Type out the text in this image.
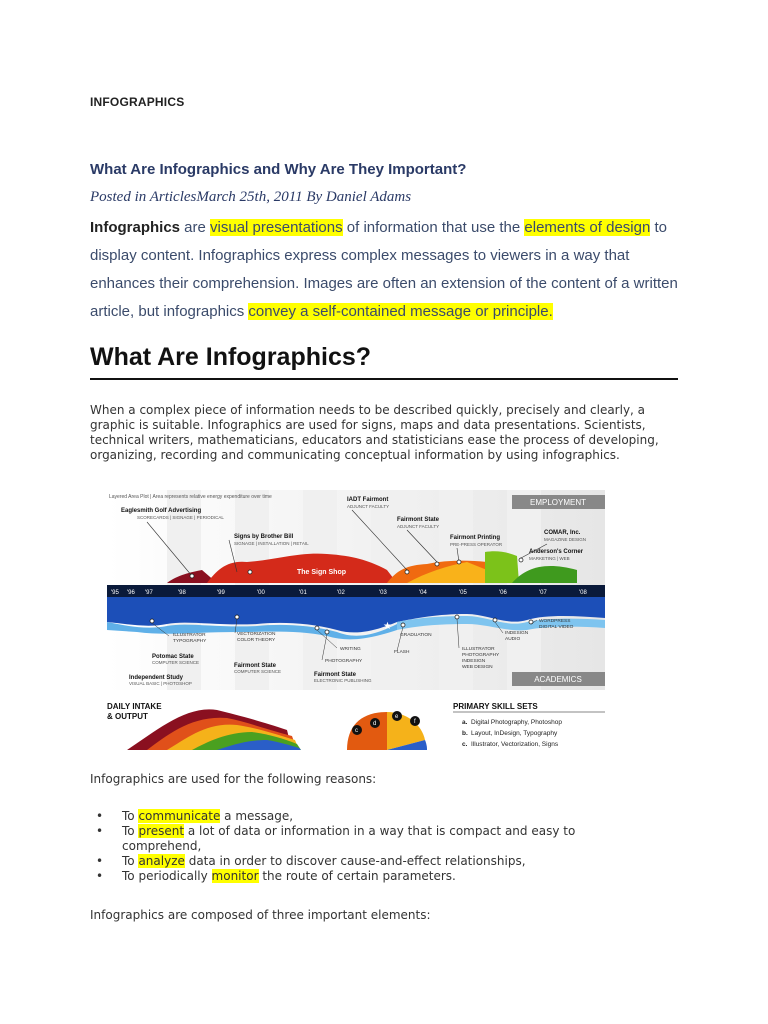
INFOGRAPHICS
What Are Infographics and Why Are They Important?
Posted in ArticlesMarch 25th, 2011 By Daniel Adams
Infographics are visual presentations of information that use the elements of design to display content. Infographics express complex messages to viewers in a way that enhances their comprehension. Images are often an extension of the content of a written article, but infographics convey a self-contained message or principle.
What Are Infographics?
When a complex piece of information needs to be described quickly, precisely and clearly, a graphic is suitable. Infographics are used for signs, maps and data presentations. Scientists, technical writers, mathematicians, educators and statisticians ease the process of developing, organizing, recording and communicating conceptual information by using infographics.
The Sign Shop
EMPLOYMENT
Layered Area Plot | Area represents relative energy expenditure over time
Eaglesmith Golf Advertising
SCORECARDS | SIGNAGE | PERIODICAL
Signs by Brother Bill
SIGNAGE | INSTALLATION | RETAIL
IADT Fairmont
ADJUNCT FACULTY
Fairmont State
ADJUNCT FACULTY
Fairmont Printing
PRE-PRESS OPERATOR
COMAR, Inc.
MAGAZINE DESIGN
Anderson's Corner
MARKETING | WEB
'95 '96 '97	'98	'99	'00	'01	'02	'03	'04	'05	'06	'07	'08
★
ILLUSTRATOR
TYPOGRAPHY
VECTORIZATION
COLOR THEORY
GRADUATION
WRITING
PHOTOGRAPHY
FLASH
INDESIGN
AUDIO
WORDPRESS
DIGITAL VIDEO
ILLUSTRATOR
PHOTOGRAPHY
INDESIGN
WEB DESIGN
Potomac State
COMPUTER SCIENCE
Independent Study
VISUAL BASIC | PHOTOSHOP
Fairmont State
COMPUTER SCIENCE
Fairmont State
ELECTRONIC PUBLISHING	ACADEMICS
DAILY INTAKE
& OUTPUT
c
d
e
f
PRIMARY SKILL SETS
a. Digital Photography, Photoshop
b. Layout, InDesign, Typography
c. Illustrator, Vectorization, Signs
Infographics are used for the following reasons:
• To communicate a message,
• To present a lot of data or information in a way that is compact and easy to comprehend,
• To analyze data in order to discover cause-and-effect relationships,
• To periodically monitor the route of certain parameters.
Infographics are composed of three important elements:
